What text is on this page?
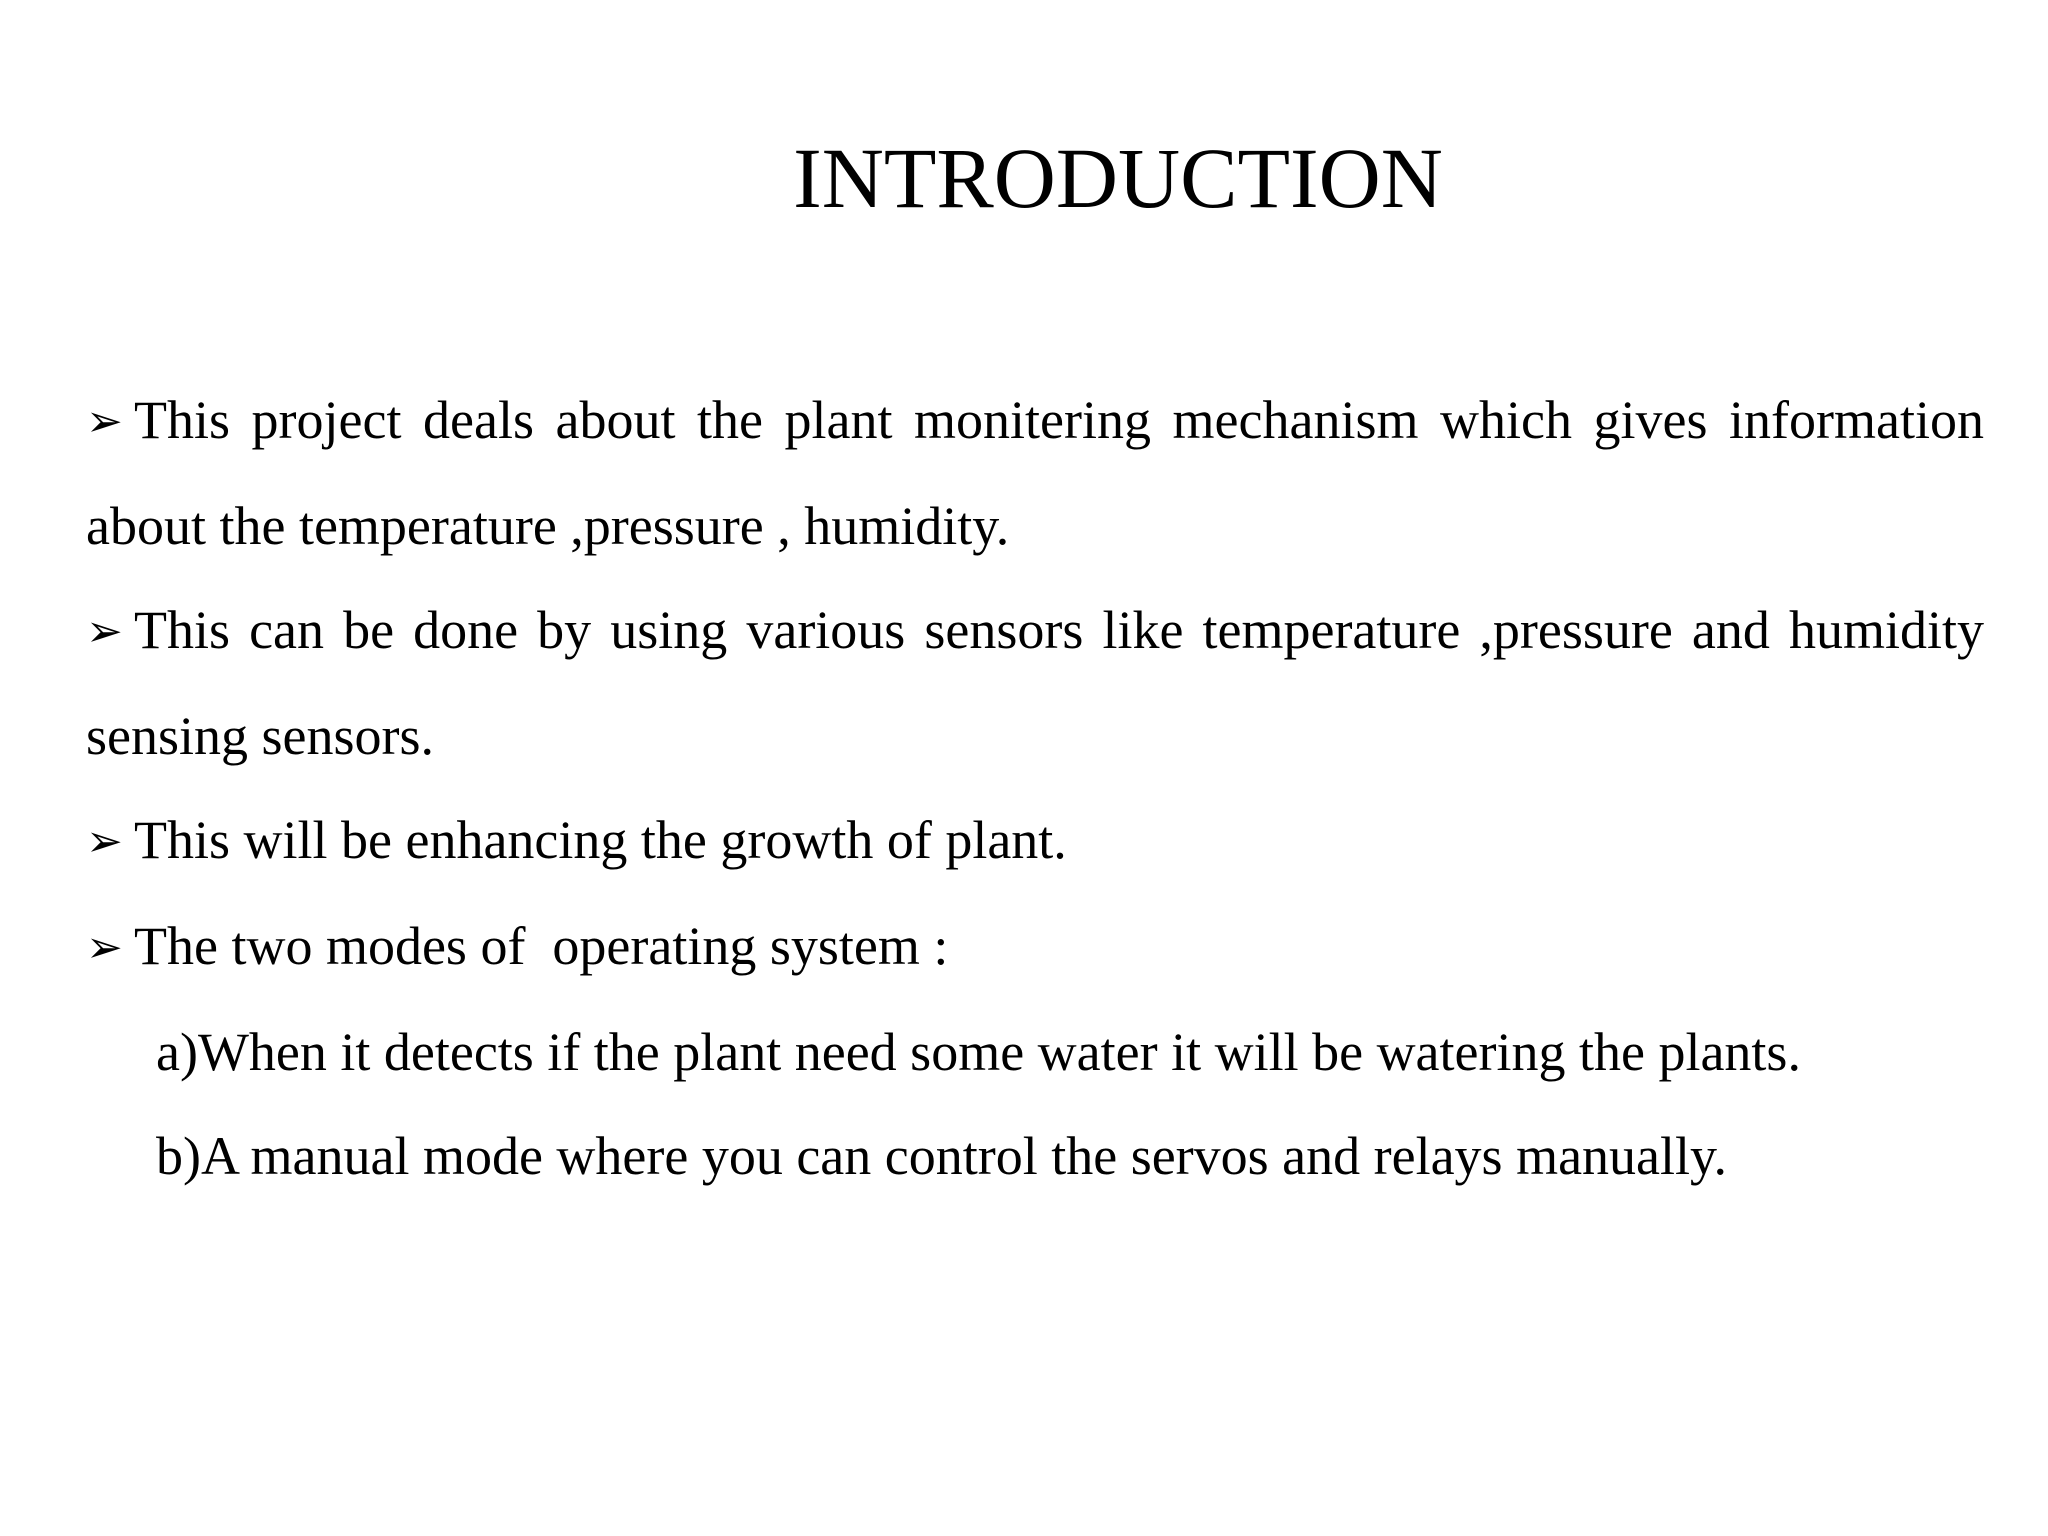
INTRODUCTION

➢ This project deals about the plant monitering mechanism which gives information about the temperature ,pressure , humidity.

➢ This can be done by using various sensors like temperature ,pressure and humidity sensing sensors.

➢ This will be enhancing the growth of plant.

➢ The two modes of  operating system :

a)When it detects if the plant need some water it will be watering the plants.

b)A manual mode where you can control the servos and relays manually.
